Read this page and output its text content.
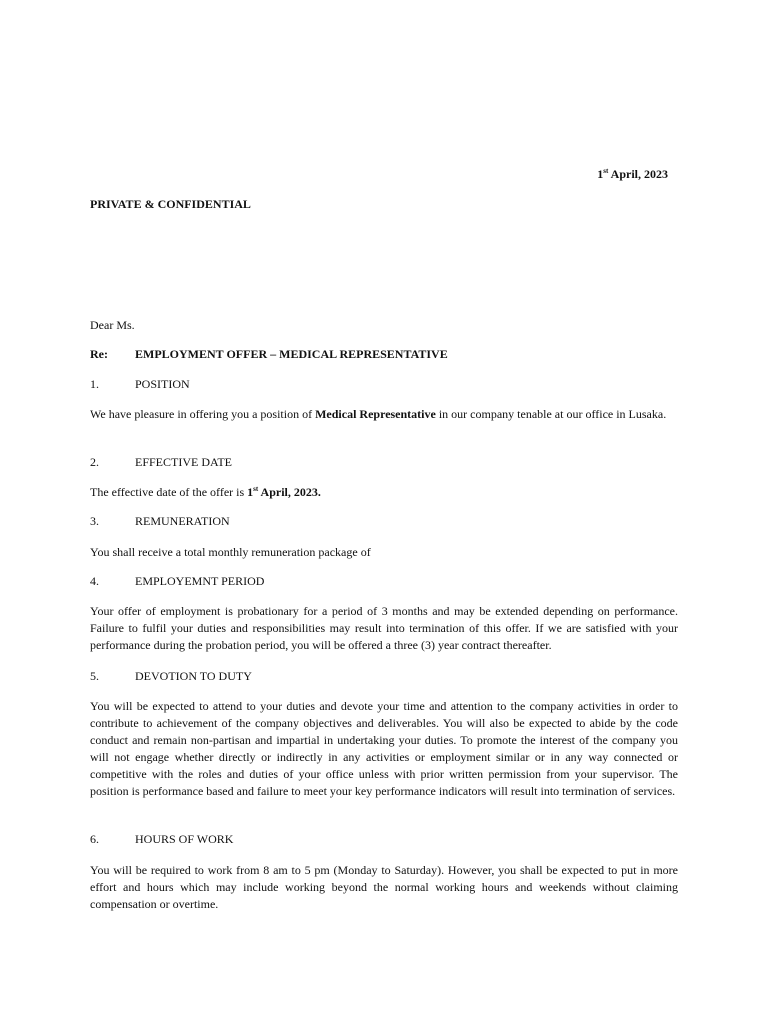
1st April, 2023
PRIVATE & CONFIDENTIAL
Dear Ms.
Re: EMPLOYMENT OFFER – MEDICAL REPRESENTATIVE
1.	POSITION
We have pleasure in offering you a position of Medical Representative in our company tenable at our office in Lusaka.
2.	EFFECTIVE DATE
The effective date of the offer is 1st April, 2023.
3.	REMUNERATION
You shall receive a total monthly remuneration package of
4.	EMPLOYEMNT PERIOD
Your offer of employment is probationary for a period of 3 months and may be extended depending on performance. Failure to fulfil your duties and responsibilities may result into termination of this offer. If we are satisfied with your performance during the probation period, you will be offered a three (3) year contract thereafter.
5.	DEVOTION TO DUTY
You will be expected to attend to your duties and devote your time and attention to the company activities in order to contribute to achievement of the company objectives and deliverables. You will also be expected to abide by the code conduct and remain non-partisan and impartial in undertaking your duties. To promote the interest of the company you will not engage whether directly or indirectly in any activities or employment similar or in any way connected or competitive with the roles and duties of your office unless with prior written permission from your supervisor. The position is performance based and failure to meet your key performance indicators will result into termination of services.
6.	HOURS OF WORK
You will be required to work from 8 am to 5 pm (Monday to Saturday). However, you shall be expected to put in more effort and hours which may include working beyond the normal working hours and weekends without claiming compensation or overtime.
